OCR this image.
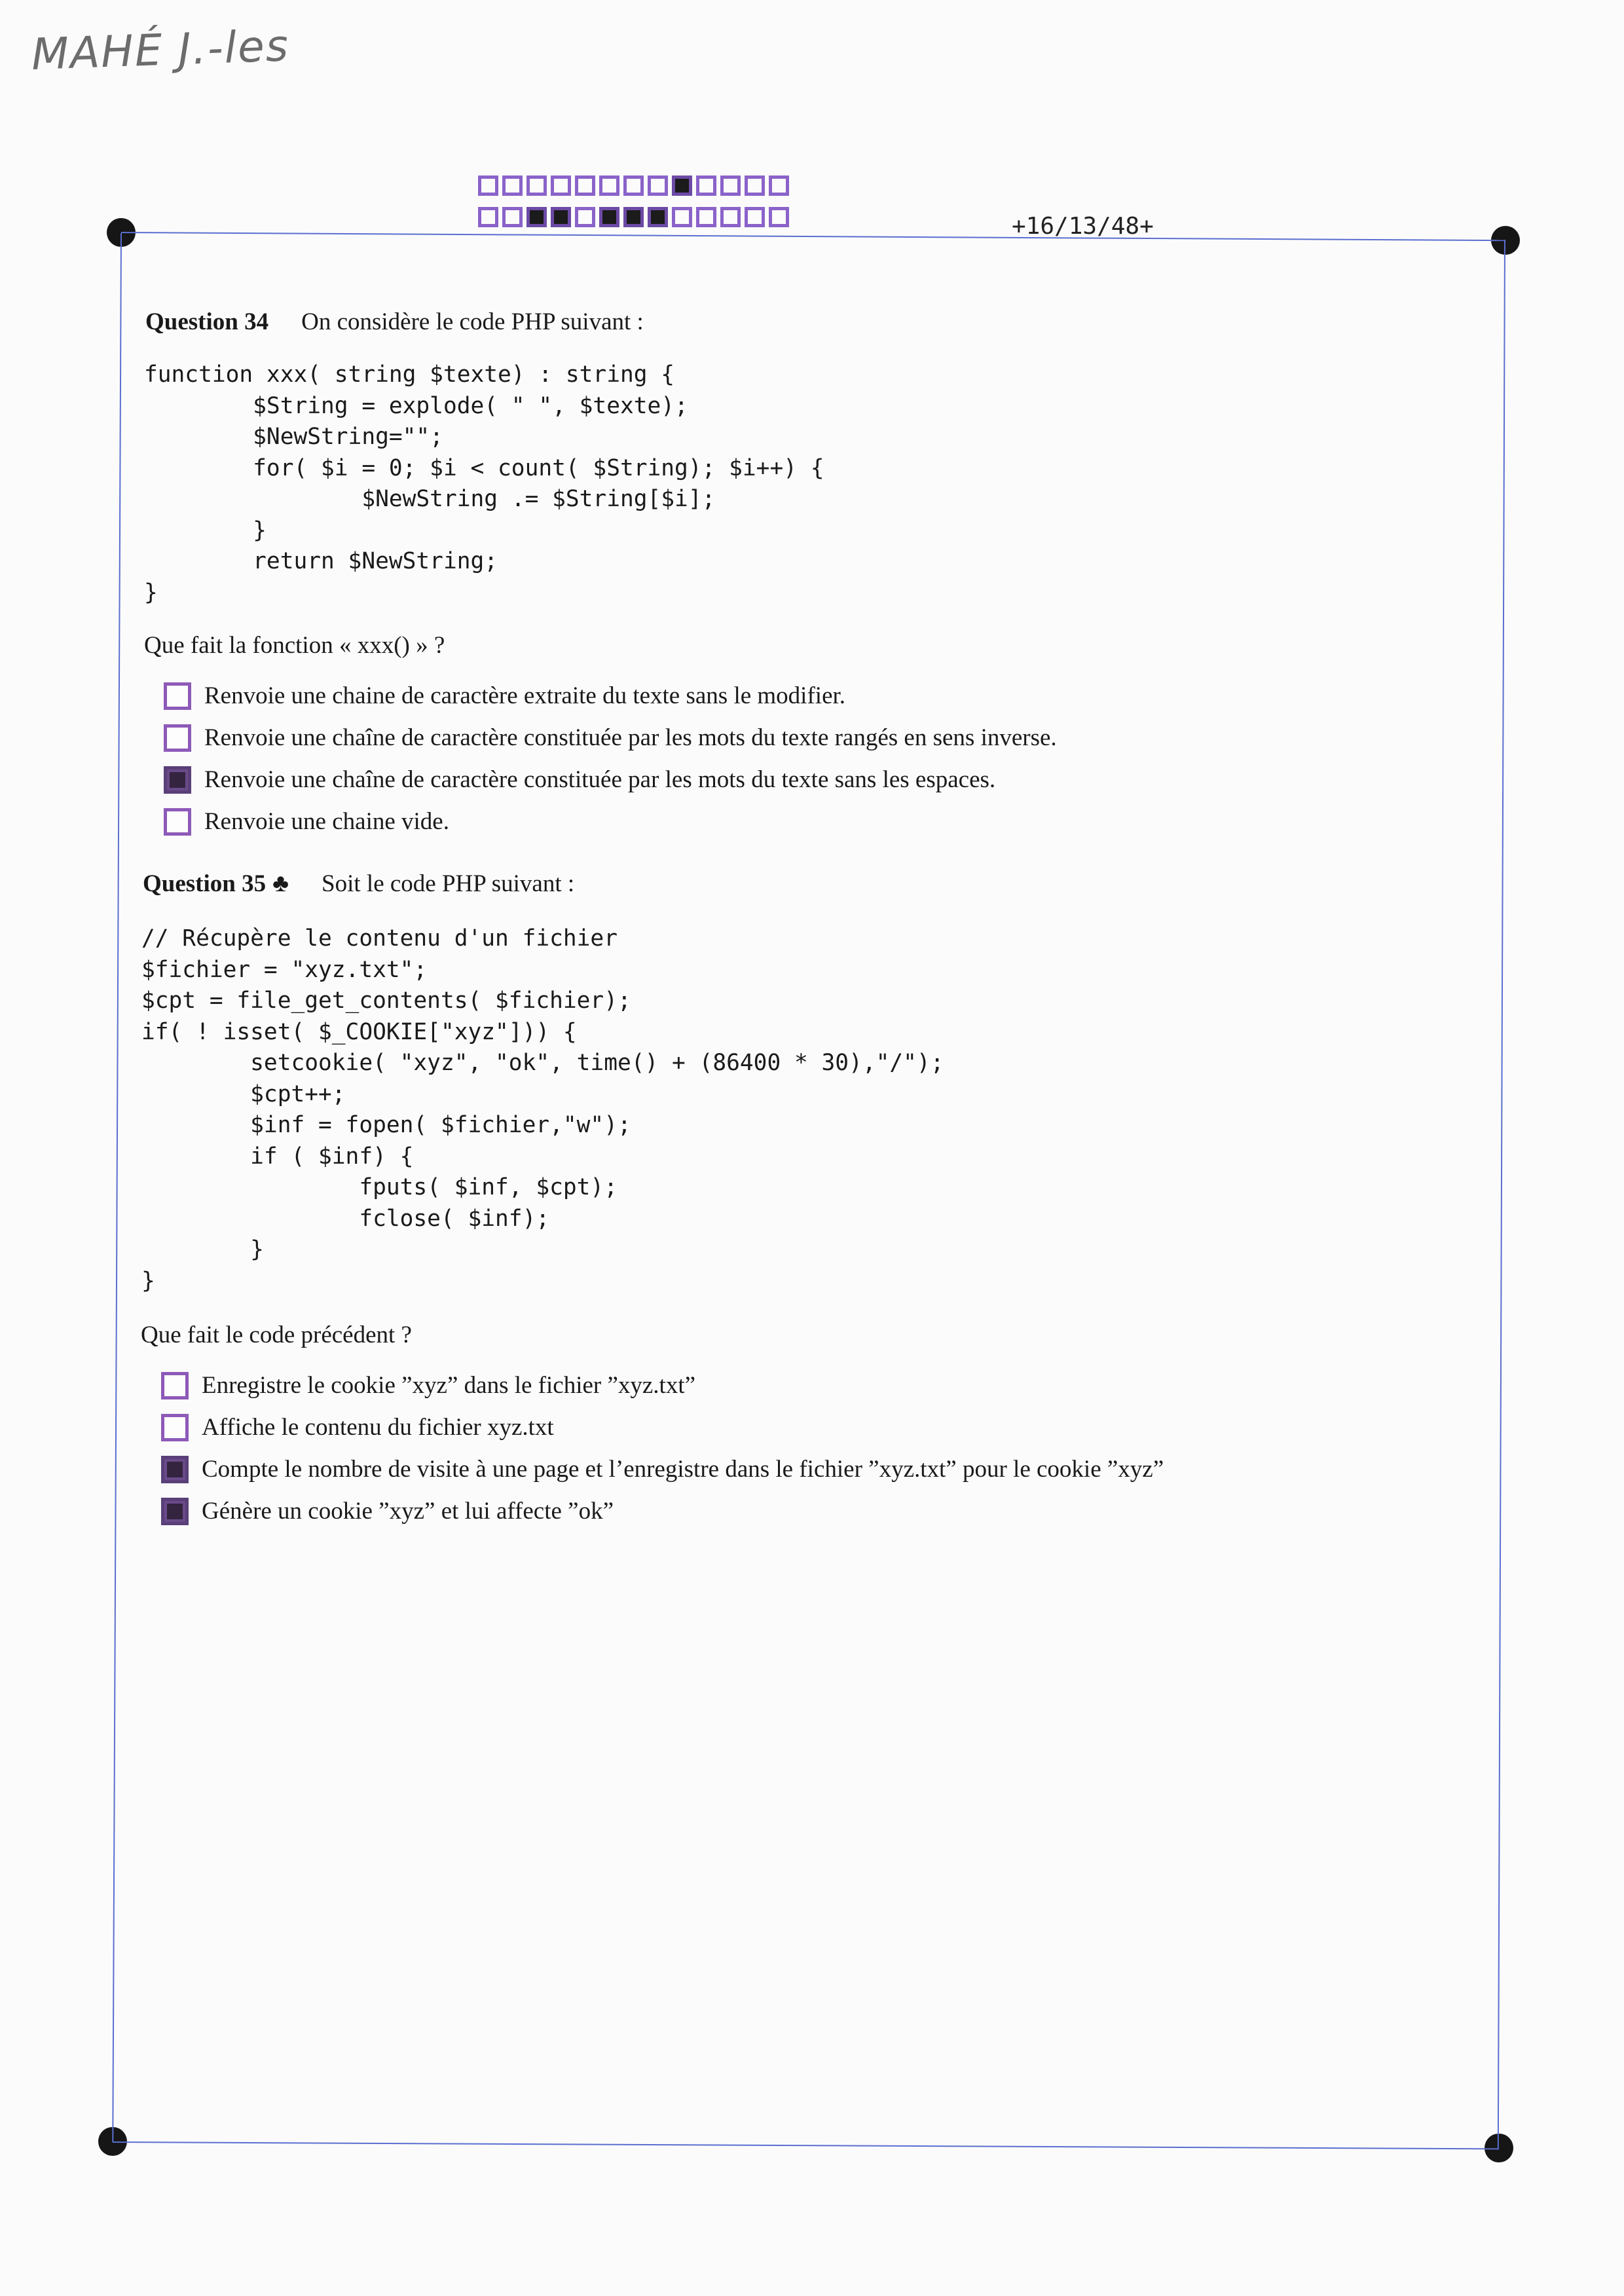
MAHÉ J.-les
+16/13/48+
Question 34 On considère le code PHP suivant :
function xxx( string $texte) : string {
$String = explode( " ", $texte);
$NewString="";
for( $i = 0; $i < count( $String); $i++) {
$NewString .= $String[$i];
}
return $NewString;
}
Que fait la fonction « xxx() » ?
Renvoie une chaine de caractère extraite du texte sans le modifier.
Renvoie une chaîne de caractère constituée par les mots du texte rangés en sens inverse.
Renvoie une chaîne de caractère constituée par les mots du texte sans les espaces.
Renvoie une chaine vide.
Question 35 ♣ Soit le code PHP suivant :
// Récupère le contenu d'un fichier
$fichier = "xyz.txt";
$cpt = file_get_contents( $fichier);
if( ! isset( $_COOKIE["xyz"])) {
setcookie( "xyz", "ok", time() + (86400 * 30),"/");
$cpt++;
$inf = fopen( $fichier,"w");
if ( $inf) {
fputs( $inf, $cpt);
fclose( $inf);
}
}
Que fait le code précédent ?
Enregistre le cookie ”xyz” dans le fichier ”xyz.txt”
Affiche le contenu du fichier xyz.txt
Compte le nombre de visite à une page et l’enregistre dans le fichier ”xyz.txt” pour le cookie ”xyz”
Génère un cookie ”xyz” et lui affecte ”ok”
